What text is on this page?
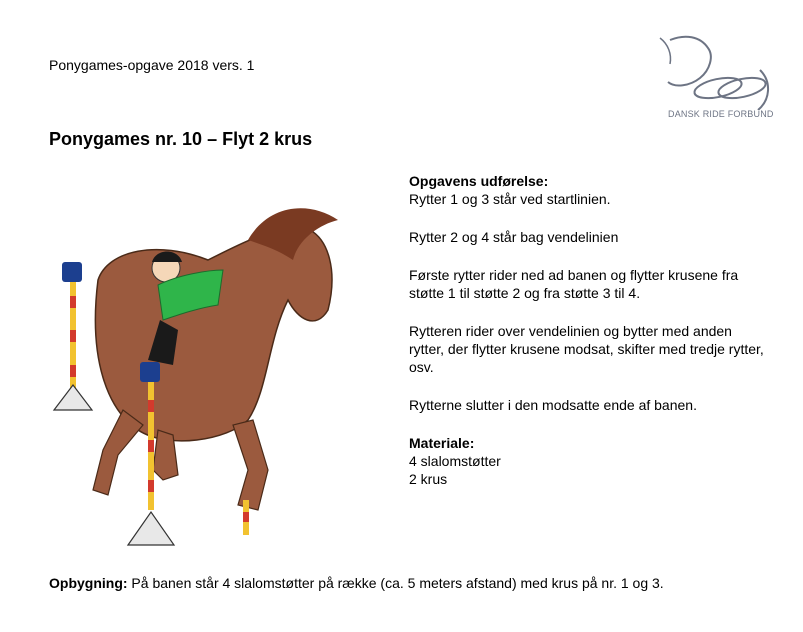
Ponygames-opgave 2018 vers. 1
DANSK RIDE FORBUND
Ponygames nr. 10 – Flyt 2 krus
Opgavens udførelse:

Rytter 1 og 3 står ved startlinien.

Rytter 2 og 4 står bag vendelinien

Første rytter rider ned ad banen og flytter krusene fra støtte 1 til støtte 2 og fra støtte 3 til 4.

Rytteren rider over vendelinien og bytter med anden rytter, der flytter krusene modsat, skifter med tredje rytter, osv.

Rytterne slutter i den modsatte ende af banen.

Materiale:

4 slalomstøtter

2 krus

Opbygning: På banen står 4 slalomstøtter på række (ca. 5 meters afstand) med krus på nr. 1 og 3.
